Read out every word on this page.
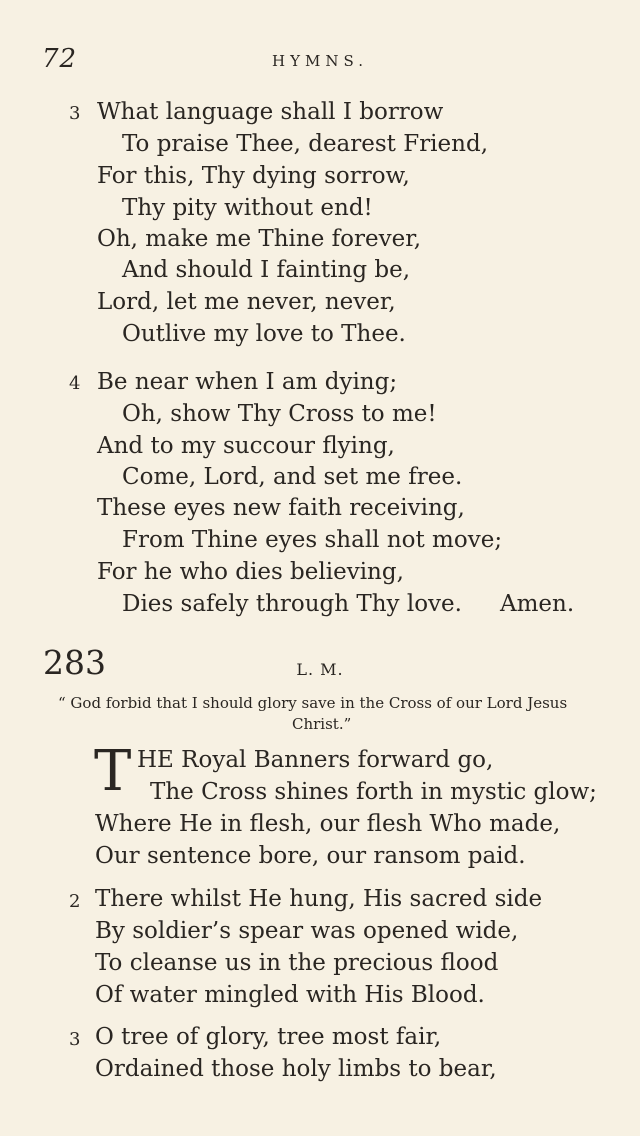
72	HYMNS.
3 What language shall I borrow
To praise Thee, dearest Friend,
For this, Thy dying sorrow,
Thy pity without end!
Oh, make me Thine forever,
And should I fainting be,
Lord, let me never, never,
Outlive my love to Thee.
4 Be near when I am dying;
Oh, show Thy Cross to me!
And to my succour flying,
Come, Lord, and set me free.
These eyes new faith receiving,
From Thine eyes shall not move;
For he who dies believing,
Dies safely through Thy love. Amen.
283	L. M.
“ God forbid that I should glory save in the Cross of our Lord Jesus
Christ.”
T HE Royal Banners forward go,
The Cross shines forth in mystic glow;
Where He in flesh, our flesh Who made,
Our sentence bore, our ransom paid.
2 There whilst He hung, His sacred side
By soldier’s spear was opened wide,
To cleanse us in the precious flood
Of water mingled with His Blood.
3 O tree of glory, tree most fair,
Ordained those holy limbs to bear,
